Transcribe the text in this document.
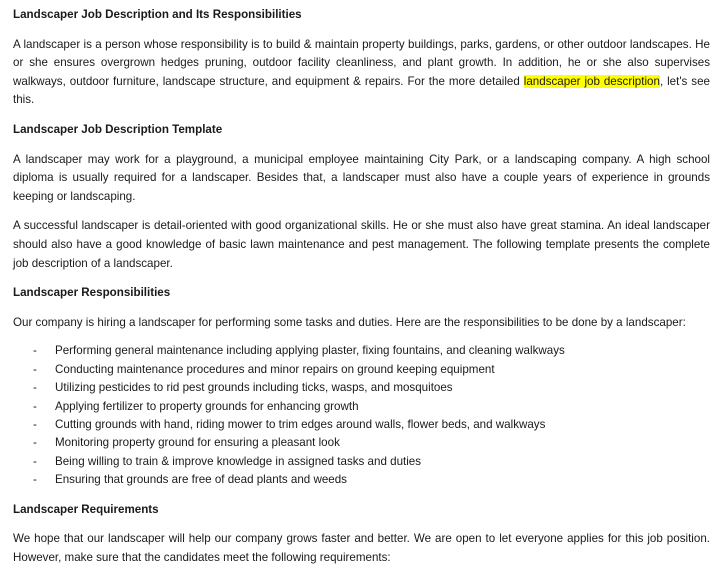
Landscaper Job Description and Its Responsibilities

A landscaper is a person whose responsibility is to build & maintain property buildings, parks, gardens, or other outdoor landscapes. He or she ensures overgrown hedges pruning, outdoor facility cleanliness, and plant growth. In addition, he or she also supervises walkways, outdoor furniture, landscape structure, and equipment & repairs. For the more detailed landscaper job description, let's see this.

Landscaper Job Description Template

A landscaper may work for a playground, a municipal employee maintaining City Park, or a landscaping company. A high school diploma is usually required for a landscaper. Besides that, a landscaper must also have a couple years of experience in grounds keeping or landscaping.

A successful landscaper is detail-oriented with good organizational skills. He or she must also have great stamina. An ideal landscaper should also have a good knowledge of basic lawn maintenance and pest management. The following template presents the complete job description of a landscaper.

Landscaper Responsibilities

Our company is hiring a landscaper for performing some tasks and duties. Here are the responsibilities to be done by a landscaper:

- Performing general maintenance including applying plaster, fixing fountains, and cleaning walkways
- Conducting maintenance procedures and minor repairs on ground keeping equipment
- Utilizing pesticides to rid pest grounds including ticks, wasps, and mosquitoes
- Applying fertilizer to property grounds for enhancing growth
- Cutting grounds with hand, riding mower to trim edges around walls, flower beds, and walkways
- Monitoring property ground for ensuring a pleasant look
- Being willing to train & improve knowledge in assigned tasks and duties
- Ensuring that grounds are free of dead plants and weeds
Landscaper Requirements

We hope that our landscaper will help our company grows faster and better. We are open to let everyone applies for this job position. However, make sure that the candidates meet the following requirements:
